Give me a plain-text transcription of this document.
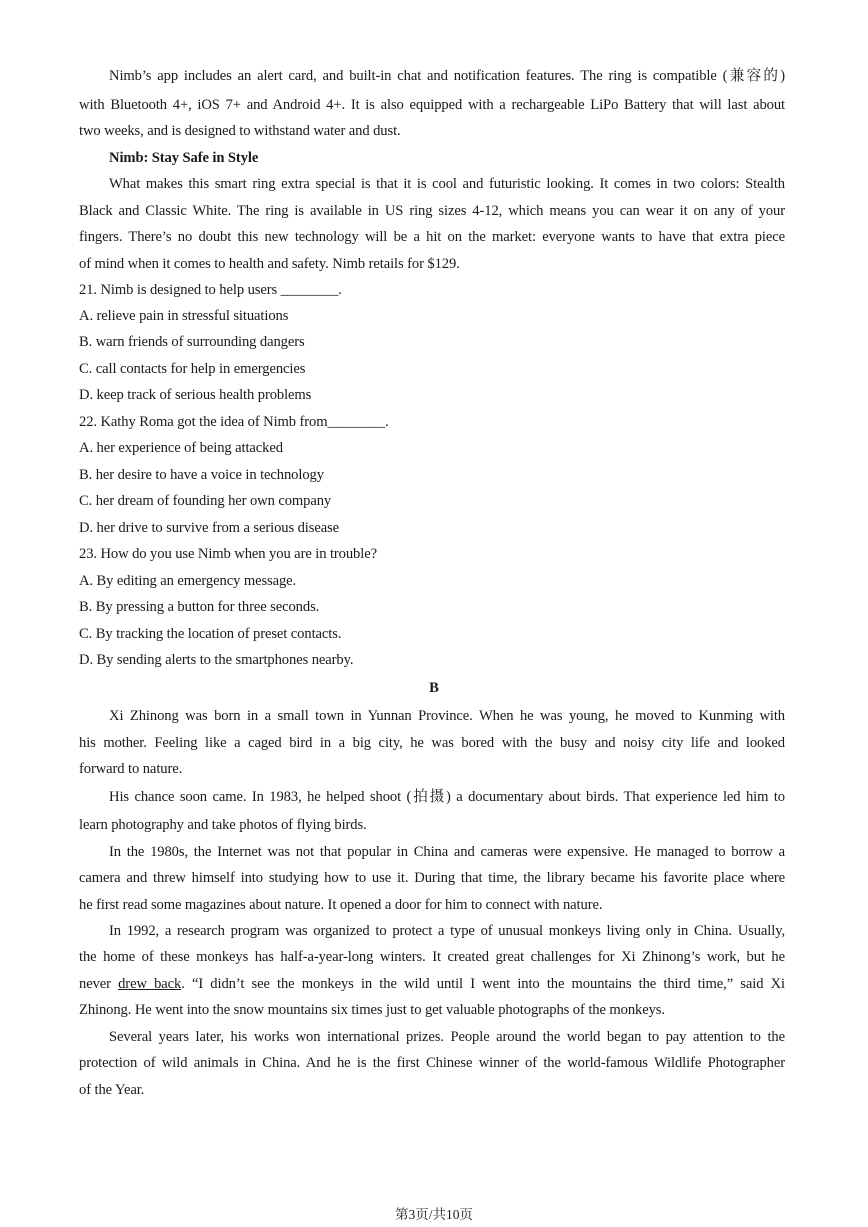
Nimb’s app includes an alert card, and built-in chat and notification features. The ring is compatible (兼容的)
with Bluetooth 4+, iOS 7+ and Android 4+. It is also equipped with a rechargeable LiPo Battery that will last about
two weeks, and is designed to withstand water and dust.
Nimb: Stay Safe in Style
What makes this smart ring extra special is that it is cool and futuristic looking. It comes in two colors: Stealth
Black and Classic White. The ring is available in US ring sizes 4-12, which means you can wear it on any of your
fingers. There’s no doubt this new technology will be a hit on the market: everyone wants to have that extra piece
of mind when it comes to health and safety. Nimb retails for $129.
21. Nimb is designed to help users ________.
A. relieve pain in stressful situations
B. warn friends of surrounding dangers
C. call contacts for help in emergencies
D. keep track of serious health problems
22. Kathy Roma got the idea of Nimb from________.
A. her experience of being attacked
B. her desire to have a voice in technology
C. her dream of founding her own company
D. her drive to survive from a serious disease
23. How do you use Nimb when you are in trouble?
A. By editing an emergency message.
B. By pressing a button for three seconds.
C. By tracking the location of preset contacts.
D. By sending alerts to the smartphones nearby.
B
Xi Zhinong was born in a small town in Yunnan Province. When he was young, he moved to Kunming with
his mother. Feeling like a caged bird in a big city, he was bored with the busy and noisy city life and looked
forward to nature.
His chance soon came. In 1983, he helped shoot (拍摄) a documentary about birds. That experience led him to
learn photography and take photos of flying birds.
In the 1980s, the Internet was not that popular in China and cameras were expensive. He managed to borrow a
camera and threw himself into studying how to use it. During that time, the library became his favorite place where
he first read some magazines about nature. It opened a door for him to connect with nature.
In 1992, a research program was organized to protect a type of unusual monkeys living only in China. Usually,
the home of these monkeys has half-a-year-long winters. It created great challenges for Xi Zhinong’s work, but he
never drew back. “I didn’t see the monkeys in the wild until I went into the mountains the third time,” said Xi
Zhinong. He went into the snow mountains six times just to get valuable photographs of the monkeys.
Several years later, his works won international prizes. People around the world began to pay attention to the
protection of wild animals in China. And he is the first Chinese winner of the world-famous Wildlife Photographer
of the Year.
第3页/共10页
